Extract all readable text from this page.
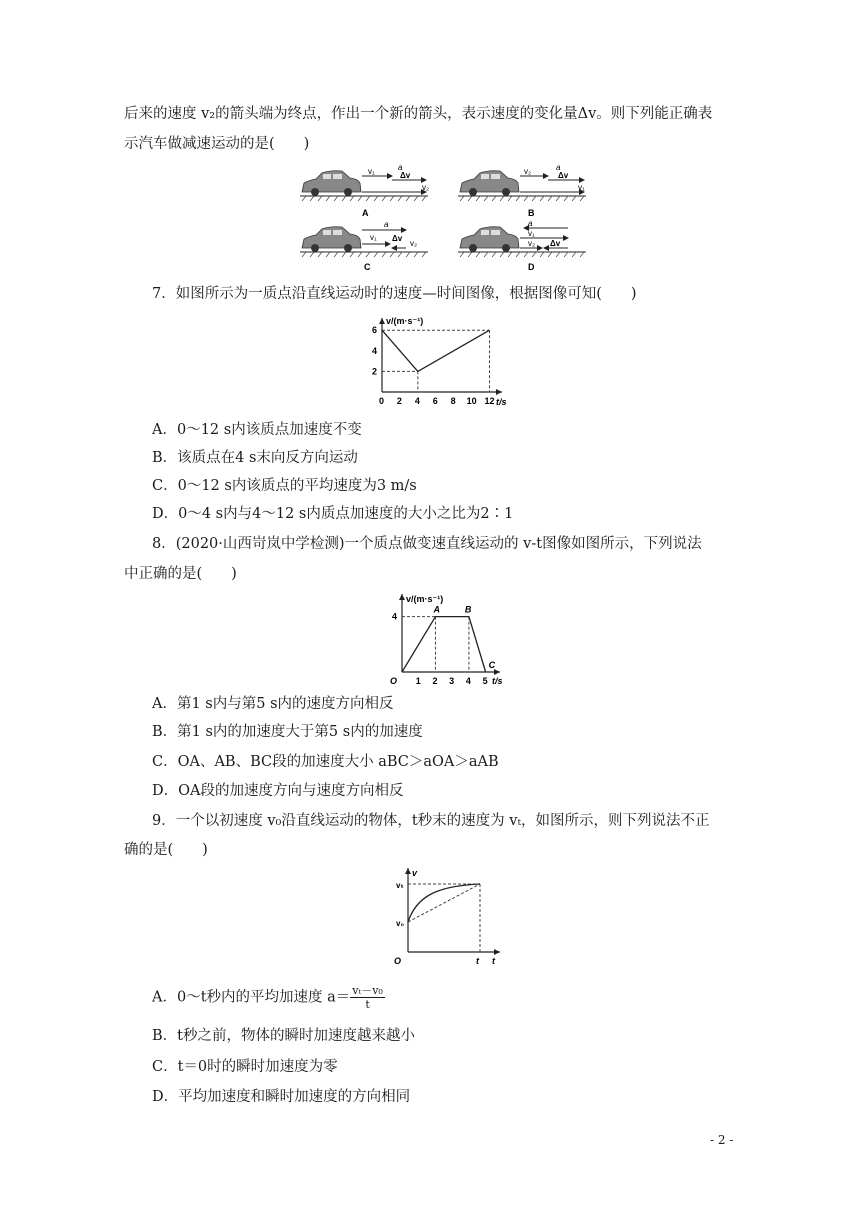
后来的速度 v₂的箭头端为终点，作出一个新的箭头，表示速度的变化量Δv。则下列能正确表
示汽车做减速运动的是(　　)
v₁	a
Δv
v₂
A
v₂	a
Δv
v₁
B
v₁
a
Δv
v₂
C
a
v₁
v₂ Δv
D
7．如图所示为一质点沿直线运动时的速度—时间图像，根据图像可知(　　)
v/(m·s⁻¹)
t/s
0 2 4 6 8 10 12
2
4
6
A．0～12 s内该质点加速度不变
B．该质点在4 s末向反方向运动
C．0～12 s内该质点的平均速度为3 m/s
D．0～4 s内与4～12 s内质点加速度的大小之比为2∶1
8．(2020·山西岢岚中学检测)一个质点做变速直线运动的 v-t图像如图所示，下列说法
中正确的是(　　)
v/(m·s⁻¹)
t/s
O 1 2 3 4 5
4
A	B
C
A．第1 s内与第5 s内的速度方向相反
B．第1 s内的加速度大于第5 s内的加速度
C．OA、AB、BC段的加速度大小 aBC＞aOA＞aAB
D．OA段的加速度方向与速度方向相反
9．一个以初速度 v₀沿直线运动的物体，t秒末的速度为 vₜ，如图所示，则下列说法不正
确的是(　　)
v
t
O
vₜ
v₀
t
A．0～t秒内的平均加速度 $a= \frac{\text{vₜ－v₀}}{t}$
B．t秒之前，物体的瞬时加速度越来越小
C．t＝0时的瞬时加速度为零
D．平均加速度和瞬时加速度的方向相同
- 2 -
